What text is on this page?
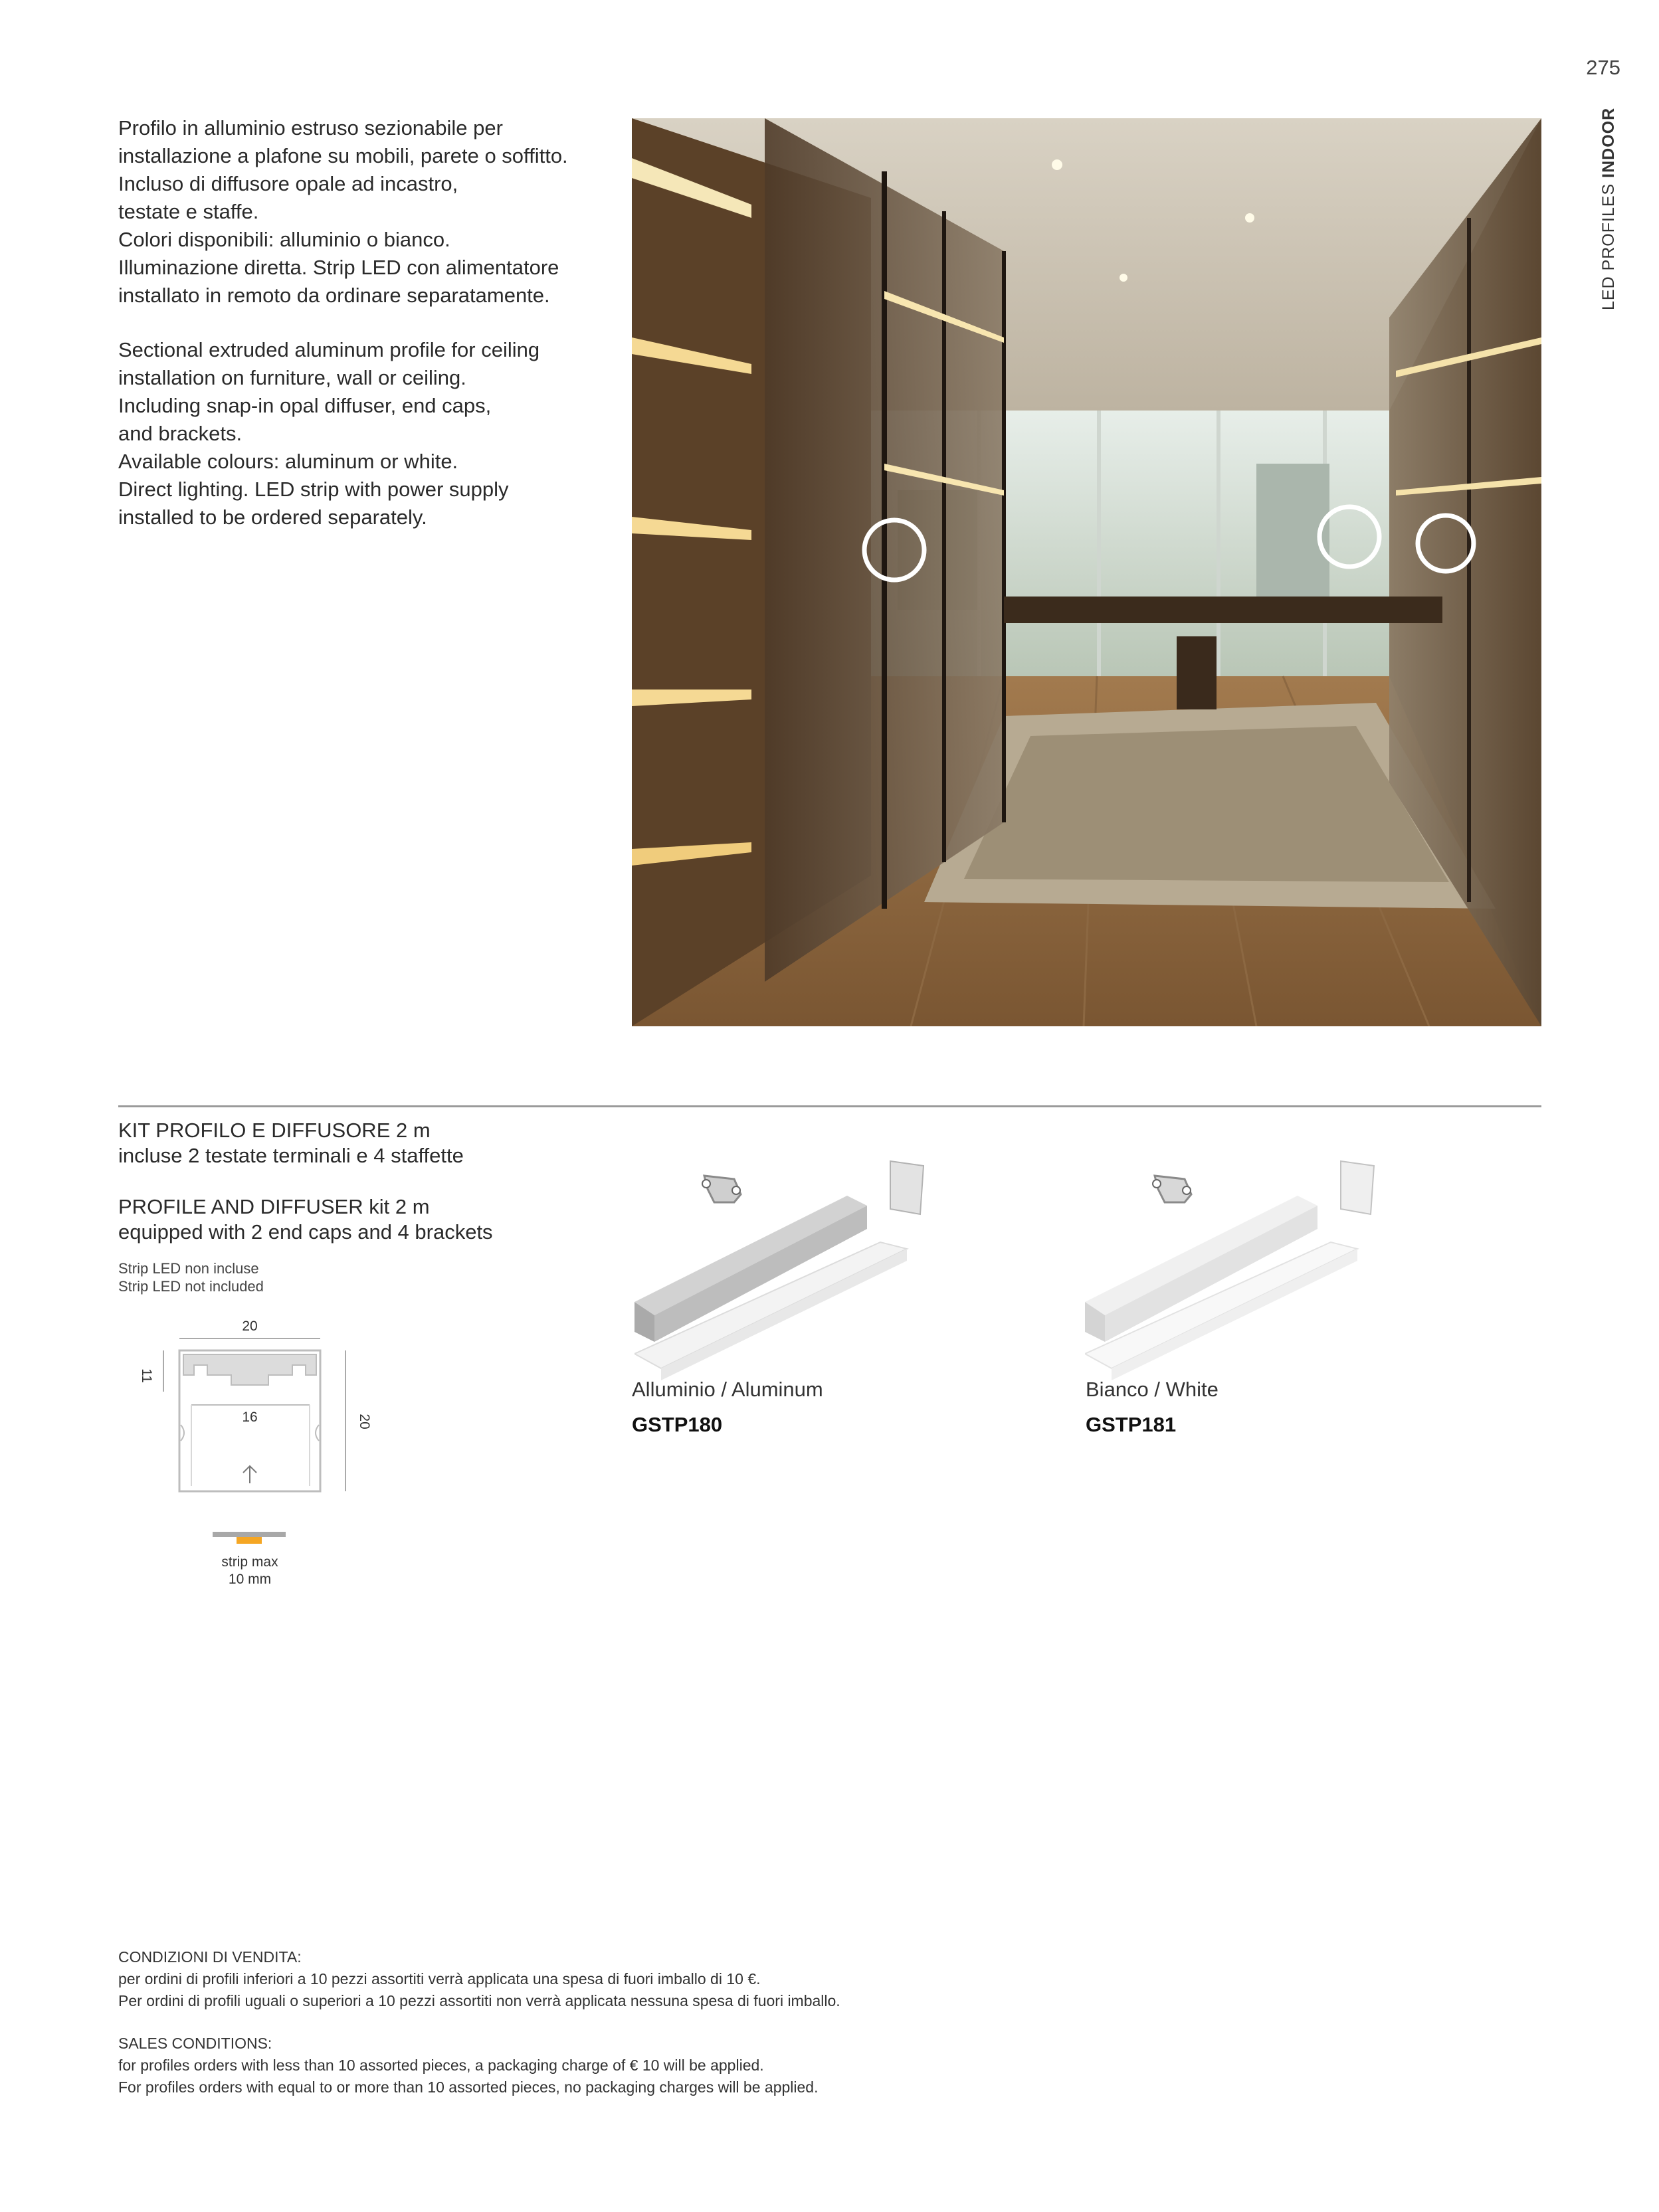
275
LED PROFILES INDOOR

Profilo in alluminio estruso sezionabile per

installazione a plafone su mobili, parete o soffitto.

Incluso di diffusore opale ad incastro,

testate e staffe.

Colori disponibili: alluminio o bianco.

Illuminazione diretta. Strip LED con alimentatore

installato in remoto da ordinare separatamente.

Sectional extruded aluminum profile for ceiling

installation on furniture, wall or ceiling.

Including snap-in opal diffuser, end caps,

and brackets.

Available colours: aluminum or white.

Direct lighting. LED strip with power supply

installed to be ordered separately.

KIT PROFILO E DIFFUSORE 2 m

incluse 2 testate terminali e 4 staffette

PROFILE AND DIFFUSER kit 2 m

equipped with 2 end caps and 4 brackets

Strip LED non incluse

Strip LED not included

20
16	20
11
strip max
10 mm
Alluminio / Aluminum
GSTP180
Bianco / White
GSTP181

CONDIZIONI DI VENDITA:

per ordini di profili inferiori a 10 pezzi assortiti verrà applicata una spesa di fuori imballo di 10 €.

Per ordini di profili uguali o superiori a 10 pezzi assortiti non verrà applicata nessuna spesa di fuori imballo.

SALES CONDITIONS:

for profiles orders with less than 10 assorted pieces, a packaging charge of € 10 will be applied.

For profiles orders with equal to or more than 10 assorted pieces, no packaging charges will be applied.
